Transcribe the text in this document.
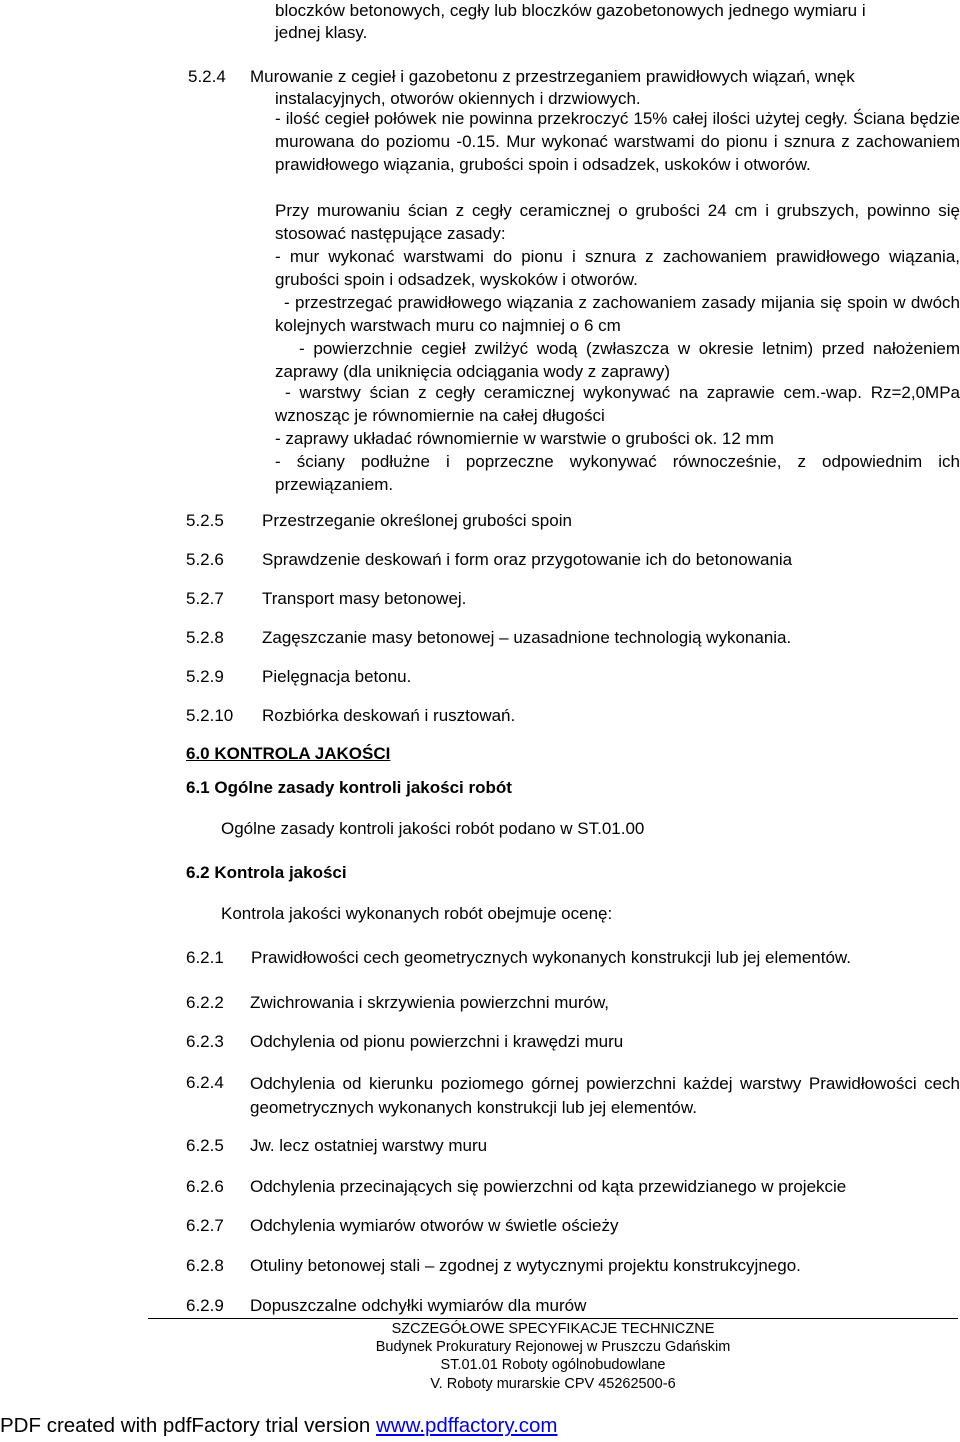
bloczków betonowych, cegły lub bloczków gazobetonowych jednego wymiaru i
jednej klasy.
5.2.4 Murowanie z cegieł i gazobetonu z przestrzeganiem prawidłowych wiązań, wnęk
instalacyjnych, otworów okiennych i drzwiowych.
- ilość cegieł połówek nie powinna przekroczyć 15% całej ilości użytej cegły. Ściana będzie murowana do poziomu -0.15. Mur wykonać warstwami do pionu i sznura z zachowaniem prawidłowego wiązania, grubości spoin i odsadzek, uskoków i otworów.
Przy murowaniu ścian z cegły ceramicznej o grubości 24 cm i grubszych, powinno się stosować następujące zasady:
- mur wykonać warstwami do pionu i sznura z zachowaniem prawidłowego wiązania, grubości spoin i odsadzek, wyskoków i otworów.
- przestrzegać prawidłowego wiązania z zachowaniem zasady mijania się spoin w dwóch kolejnych warstwach muru co najmniej o 6 cm
- powierzchnie cegieł zwilżyć wodą (zwłaszcza w okresie letnim) przed nałożeniem zaprawy (dla uniknięcia odciągania wody z zaprawy)
- warstwy ścian z cegły ceramicznej wykonywać na zaprawie cem.-wap. Rz=2,0MPa wznosząc je równomiernie na całej długości
- zaprawy układać równomiernie w warstwie o grubości ok. 12 mm
- ściany podłużne i poprzeczne wykonywać równocześnie, z odpowiednim ich przewiązaniem.
5.2.5 Przestrzeganie określonej grubości spoin
5.2.6 Sprawdzenie deskowań i form oraz przygotowanie ich do betonowania
5.2.7 Transport masy betonowej.
5.2.8 Zagęszczanie masy betonowej – uzasadnione technologią wykonania.
5.2.9 Pielęgnacja betonu.
5.2.10 Rozbiórka deskowań i rusztowań.
6.0 KONTROLA JAKOŚCI
6.1 Ogólne zasady kontroli jakości robót
Ogólne zasady kontroli jakości robót podano w ST.01.00
6.2 Kontrola jakości
Kontrola jakości wykonanych robót obejmuje ocenę:
6.2.1 Prawidłowości cech geometrycznych wykonanych konstrukcji lub jej elementów.
6.2.2 Zwichrowania i skrzywienia powierzchni murów,
6.2.3 Odchylenia od pionu powierzchni i krawędzi muru
6.2.4 Odchylenia od kierunku poziomego górnej powierzchni każdej warstwy Prawidłowości cech geometrycznych wykonanych konstrukcji lub jej elementów.
6.2.5 Jw. lecz ostatniej warstwy muru
6.2.6 Odchylenia przecinających się powierzchni od kąta przewidzianego w projekcie
6.2.7 Odchylenia wymiarów otworów w świetle ościeży
6.2.8 Otuliny betonowej stali – zgodnej z wytycznymi projektu konstrukcyjnego.
6.2.9 Dopuszczalne odchyłki wymiarów dla murów
SZCZEGÓŁOWE SPECYFIKACJE TECHNICZNE
Budynek Prokuratury Rejonowej w Pruszczu Gdańskim
ST.01.01 Roboty ogólnobudowlane
V. Roboty murarskie CPV 45262500-6
PDF created with pdfFactory trial version www.pdffactory.com
